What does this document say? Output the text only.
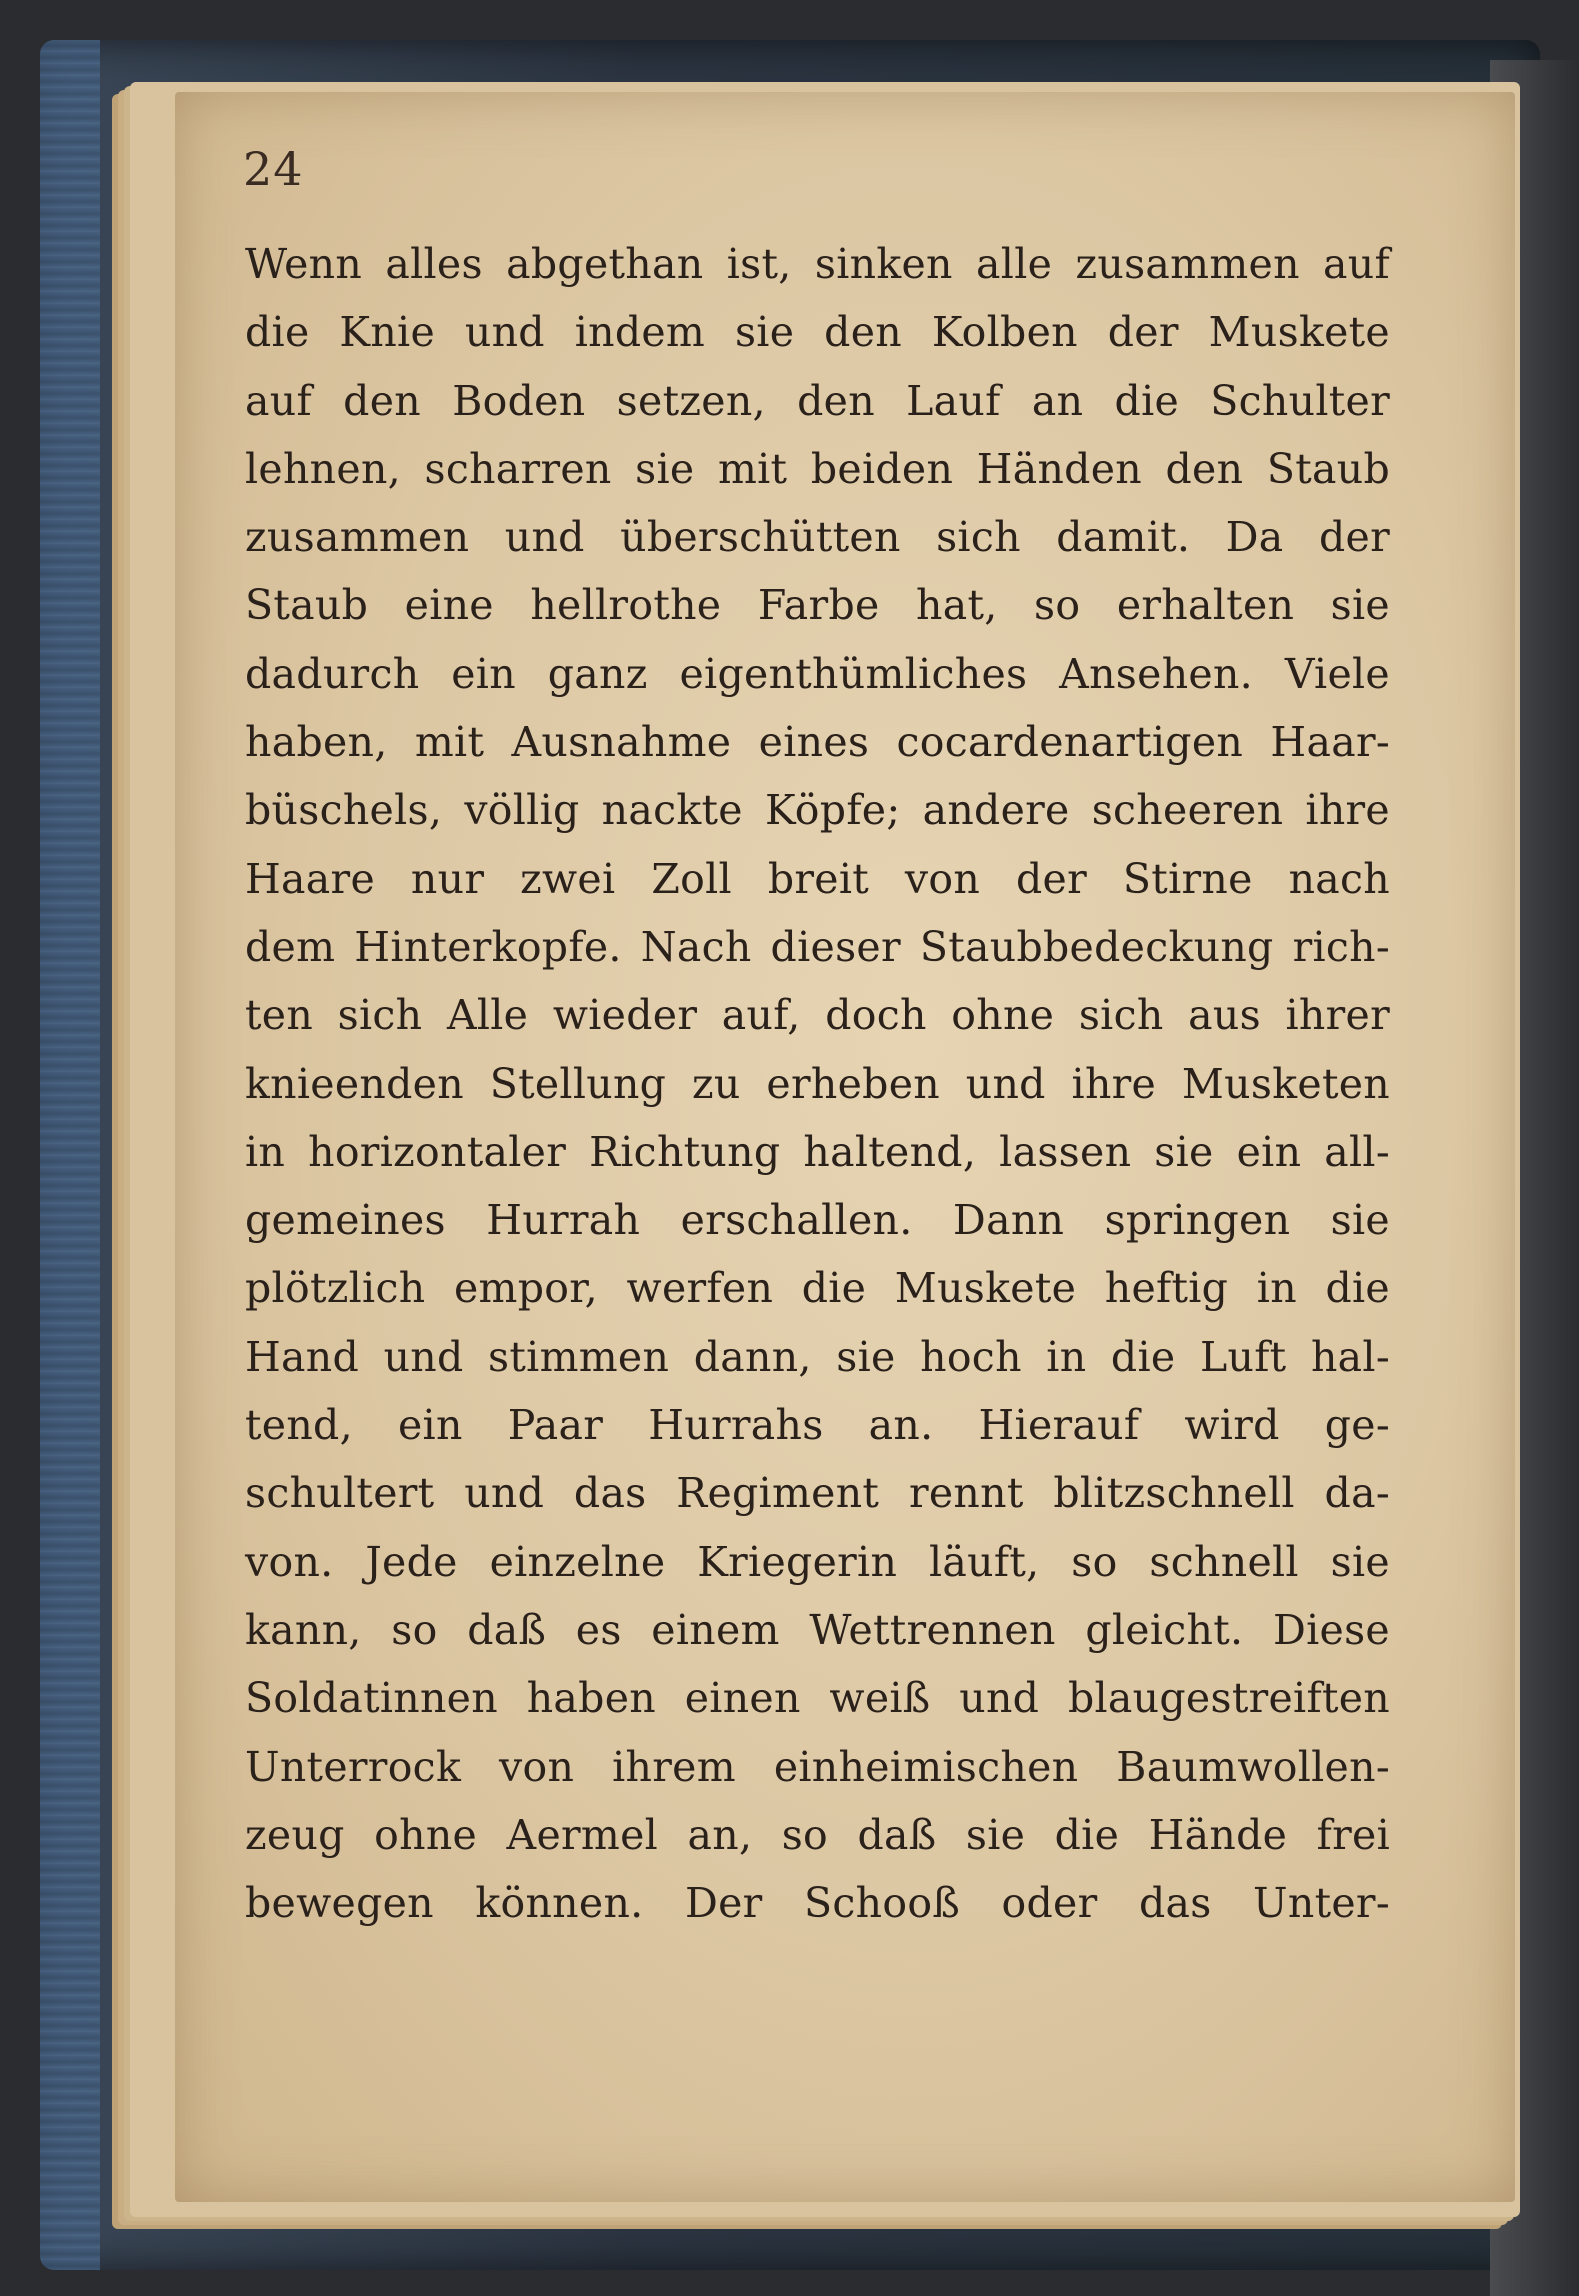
24
Wenn alles abgethan ist, sinken alle zusammen auf
die Knie und indem sie den Kolben der Muskete
auf den Boden setzen, den Lauf an die Schulter
lehnen, scharren sie mit beiden Händen den Staub
zusammen und überschütten sich damit. Da der
Staub eine hellrothe Farbe hat, so erhalten sie
dadurch ein ganz eigenthümliches Ansehen. Viele
haben, mit Ausnahme eines cocardenartigen Haar-
büschels, völlig nackte Köpfe; andere scheeren ihre
Haare nur zwei Zoll breit von der Stirne nach
dem Hinterkopfe. Nach dieser Staubbedeckung rich-
ten sich Alle wieder auf, doch ohne sich aus ihrer
knieenden Stellung zu erheben und ihre Musketen
in horizontaler Richtung haltend, lassen sie ein all-
gemeines Hurrah erschallen. Dann springen sie
plötzlich empor, werfen die Muskete heftig in die
Hand und stimmen dann, sie hoch in die Luft hal-
tend, ein Paar Hurrahs an. Hierauf wird ge-
schultert und das Regiment rennt blitzschnell da-
von. Jede einzelne Kriegerin läuft, so schnell sie
kann, so daß es einem Wettrennen gleicht. Diese
Soldatinnen haben einen weiß und blaugestreiften
Unterrock von ihrem einheimischen Baumwollen-
zeug ohne Aermel an, so daß sie die Hände frei
bewegen können. Der Schooß oder das Unter-
